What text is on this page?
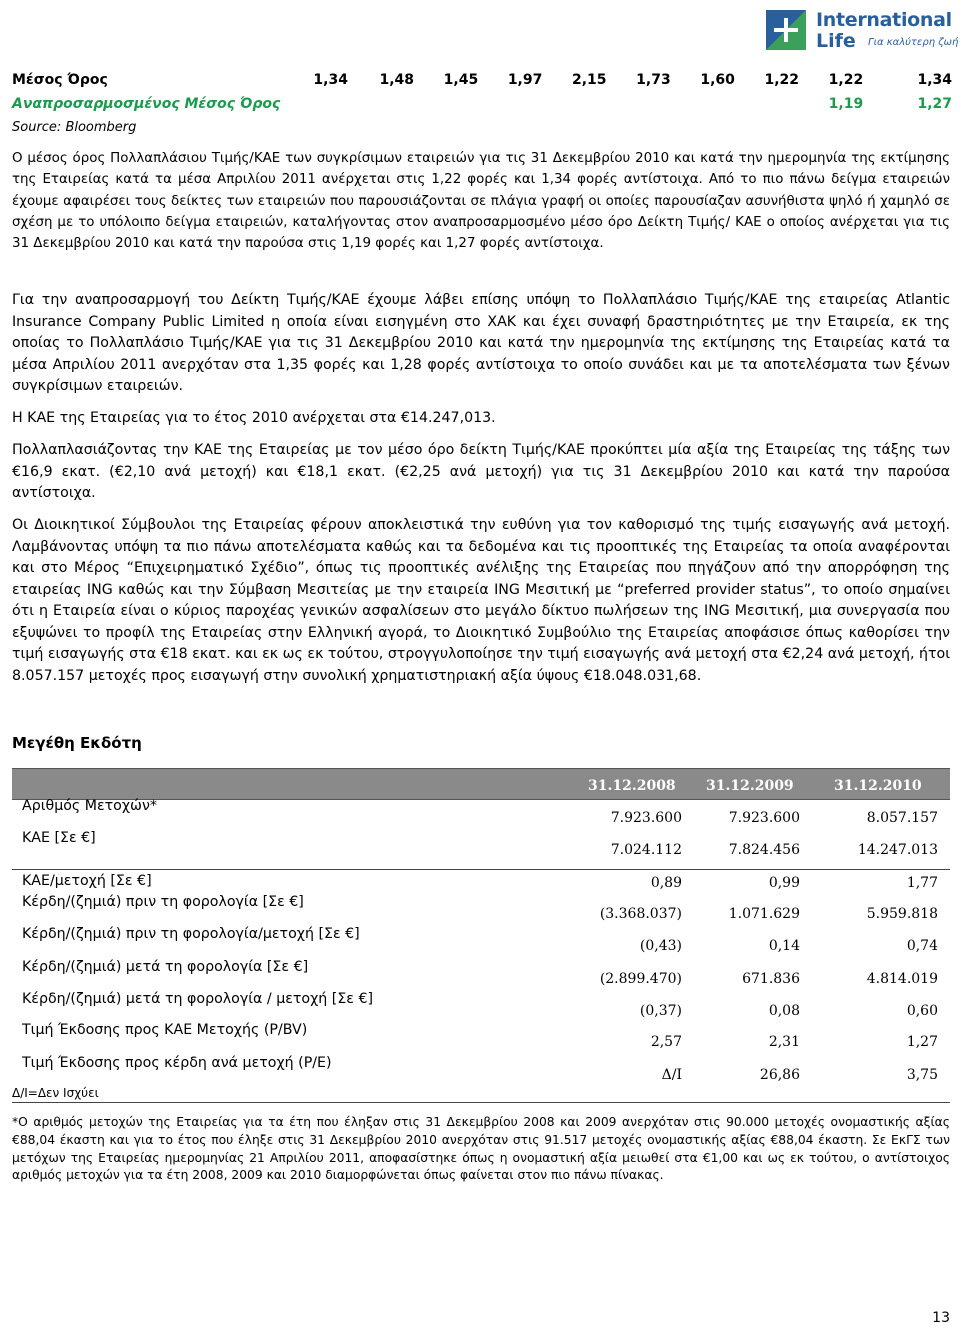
International
Life Για καλύτερη ζωή
Μέσος Όρος	1,34	1,48	1,45	1,97	2,15	1,73	1,60	1,22	1,22	1,34
Αναπροσαρμοσμένος Μέσος Όρος									1,19	1,27
Source: Bloomberg

Ο μέσος όρος Πολλαπλάσιου Τιμής/ΚΑΕ των συγκρίσιμων εταιρειών για τις 31 Δεκεμβρίου 2010 και κατά την ημερομηνία της εκτίμησης της Εταιρείας κατά τα μέσα Απριλίου 2011 ανέρχεται στις 1,22 φορές και 1,34 φορές αντίστοιχα. Από το πιο πάνω δείγμα εταιρειών έχουμε αφαιρέσει τους δείκτες των εταιρειών που παρουσιάζονται σε πλάγια γραφή οι οποίες παρουσίαζαν ασυνήθιστα ψηλό ή χαμηλό σε σχέση με το υπόλοιπο δείγμα εταιρειών, καταλήγοντας στον αναπροσαρμοσμένο μέσο όρο Δείκτη Τιμής/ ΚΑΕ ο οποίος ανέρχεται για τις 31 Δεκεμβρίου 2010 και κατά την παρούσα στις 1,19 φορές και 1,27 φορές αντίστοιχα.

Για την αναπροσαρμογή του Δείκτη Τιμής/ΚΑΕ έχουμε λάβει επίσης υπόψη το Πολλαπλάσιο Τιμής/ΚΑΕ της εταιρείας Atlantic Insurance Company Public Limited η οποία είναι εισηγμένη στο ΧΑΚ και έχει συναφή δραστηριότητες με την Εταιρεία, εκ της οποίας το Πολλαπλάσιο Τιμής/ΚΑΕ για τις 31 Δεκεμβρίου 2010 και κατά την ημερομηνία της εκτίμησης της Εταιρείας κατά τα μέσα Απριλίου 2011 ανερχόταν στα 1,35 φορές και 1,28 φορές αντίστοιχα το οποίο συνάδει και με τα αποτελέσματα των ξένων συγκρίσιμων εταιρειών.

Η ΚΑΕ της Εταιρείας για το έτος 2010 ανέρχεται στα €14.247,013.

Πολλαπλασιάζοντας την ΚΑΕ της Εταιρείας με τον μέσο όρο δείκτη Τιμής/ΚΑΕ προκύπτει μία αξία της Εταιρείας της τάξης των €16,9 εκατ. (€2,10 ανά μετοχή) και €18,1 εκατ. (€2,25 ανά μετοχή) για τις 31 Δεκεμβρίου 2010 και κατά την παρούσα αντίστοιχα.

Οι Διοικητικοί Σύμβουλοι της Εταιρείας φέρουν αποκλειστικά την ευθύνη για τον καθορισμό της τιμής εισαγωγής ανά μετοχή. Λαμβάνοντας υπόψη τα πιο πάνω αποτελέσματα καθώς και τα δεδομένα και τις προοπτικές της Εταιρείας τα οποία αναφέρονται και στο Μέρος “Επιχειρηματικό Σχέδιο”, όπως τις προοπτικές ανέλιξης της Εταιρείας που πηγάζουν από την απορρόφηση της εταιρείας ING καθώς και την Σύμβαση Μεσιτείας με την εταιρεία ING Μεσιτική με “preferred provider status”, το οποίο σημαίνει ότι η Εταιρεία είναι ο κύριος παροχέας γενικών ασφαλίσεων στο μεγάλο δίκτυο πωλήσεων της ING Μεσιτική, μια συνεργασία που εξυψώνει το προφίλ της Εταιρείας στην Ελληνική αγορά, το Διοικητικό Συμβούλιο της Εταιρείας αποφάσισε όπως καθορίσει την τιμή εισαγωγής στα €18 εκατ. και εκ ως εκ τούτου, στρογγυλοποίησε την τιμή εισαγωγής ανά μετοχή στα €2,24 ανά μετοχή, ήτοι 8.057.157 μετοχές προς εισαγωγή στην συνολική χρηματιστηριακή αξία ύψους €18.048.031,68.

Μεγέθη Εκδότη
31.12.2008 31.12.2009	31.12.2010
Αριθμός Μετοχών*
7.923.600	7.923.600	8.057.157
ΚΑΕ [Σε €]
7.024.112	7.824.456	14.247.013
ΚΑΕ/μετοχή [Σε €]	0,89	0,99	1,77
Κέρδη/(ζημιά) πριν τη φορολογία [Σε €]
(3.368.037)	1.071.629	5.959.818
Κέρδη/(ζημιά) πριν τη φορολογία/μετοχή [Σε €]
(0,43)	0,14	0,74
Κέρδη/(ζημιά) μετά τη φορολογία [Σε €]
(2.899.470)	671.836	4.814.019
Κέρδη/(ζημιά) μετά τη φορολογία / μετοχή [Σε €]
(0,37)	0,08	0,60
Τιμή Έκδοσης προς ΚΑΕ Μετοχής (P/BV)
2,57	2,31	1,27
Τιμή Έκδοσης προς κέρδη ανά μετοχή (P/E)
Δ/Ι	26,86	3,75
Δ/Ι=Δεν Ισχύει

*Ο αριθμός μετοχών της Εταιρείας για τα έτη που έληξαν στις 31 Δεκεμβρίου 2008 και 2009 ανερχόταν στις 90.000 μετοχές ονομαστικής αξίας €88,04 έκαστη και για το έτος που έληξε στις 31 Δεκεμβρίου 2010 ανερχόταν στις 91.517 μετοχές ονομαστικής αξίας €88,04 έκαστη. Σε ΕκΓΣ των μετόχων της Εταιρείας ημερομηνίας 21 Απριλίου 2011, αποφασίστηκε όπως η ονομαστική αξία μειωθεί στα €1,00 και ως εκ τούτου, ο αντίστοιχος αριθμός μετοχών για τα έτη 2008, 2009 και 2010 διαμορφώνεται όπως φαίνεται στον πιο πάνω πίνακας.

13
